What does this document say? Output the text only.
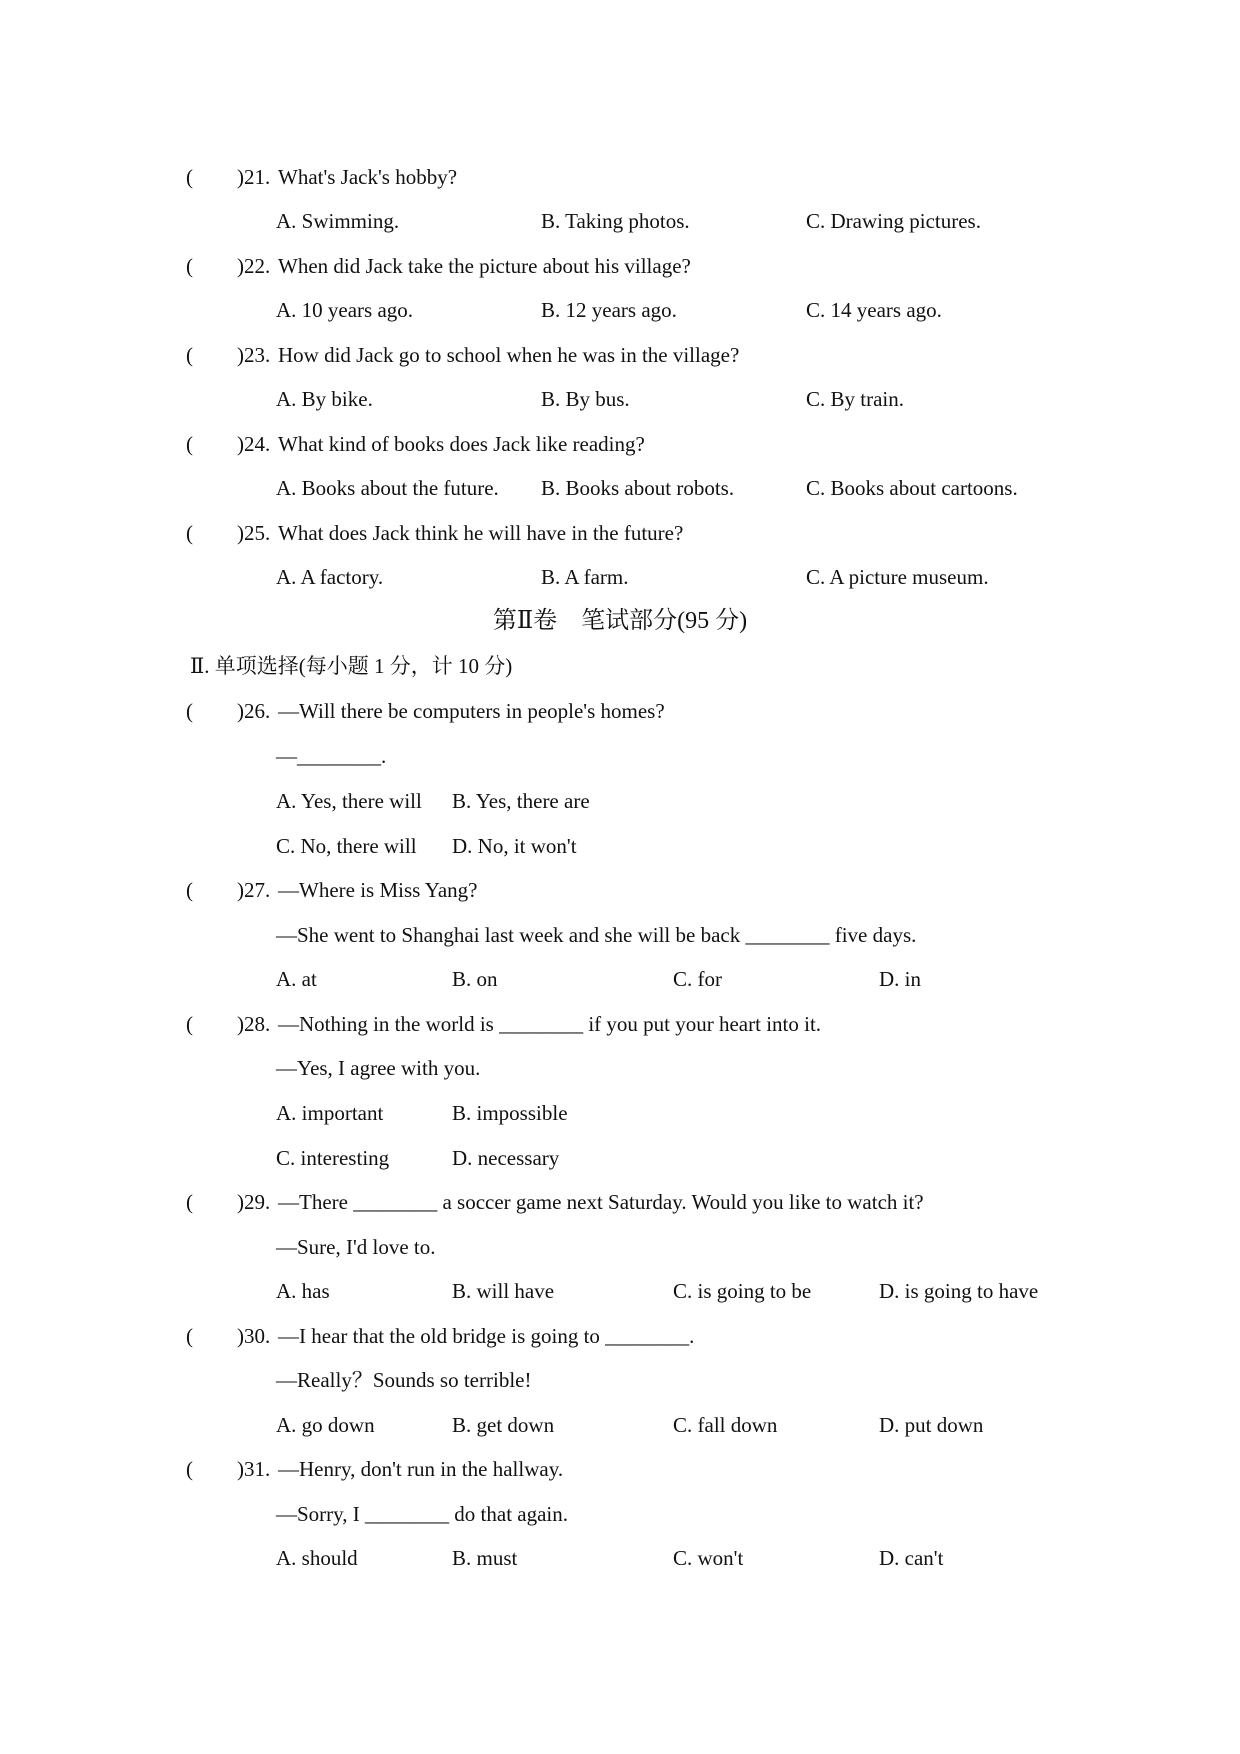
( )21. What's Jack's hobby?
A. Swimming.	B. Taking photos.	C. Drawing pictures.
( )22. When did Jack take the picture about his village?
A. 10 years ago.	B. 12 years ago.	C. 14 years ago.
( )23. How did Jack go to school when he was in the village?
A. By bike.	B. By bus.	C. By train.
( )24. What kind of books does Jack like reading?
A. Books about the future. B. Books about robots.	C. Books about cartoons.
( )25. What does Jack think he will have in the future?
A. A factory.	B. A farm.	C. A picture museum.
第Ⅱ卷　笔试部分(95 分)
Ⅱ. 单项选择(每小题 1 分，计 10 分)
( )26. —Will there be computers in people's homes?
—________.
A. Yes, there will B. Yes, there are
C. No, there will D. No, it won't
( )27. —Where is Miss Yang?
—She went to Shanghai last week and she will be back ________ five days.
A. at	B. on	C. for	D. in
( )28. —Nothing in the world is ________ if you put your heart into it.
—Yes, I agree with you.
A. important	B. impossible
C. interesting	D. necessary
( )29. —There ________ a soccer game next Saturday. Would you like to watch it?
—Sure, I'd love to.
A. has	B. will have	C. is going to be	D. is going to have
( )30. —I hear that the old bridge is going to ________.
—Really？Sounds so terrible!
A. go down	B. get down	C. fall down	D. put down
( )31. —Henry, don't run in the hallway.
—Sorry, I ________ do that again.
A. should	B. must	C. won't	D. can't
